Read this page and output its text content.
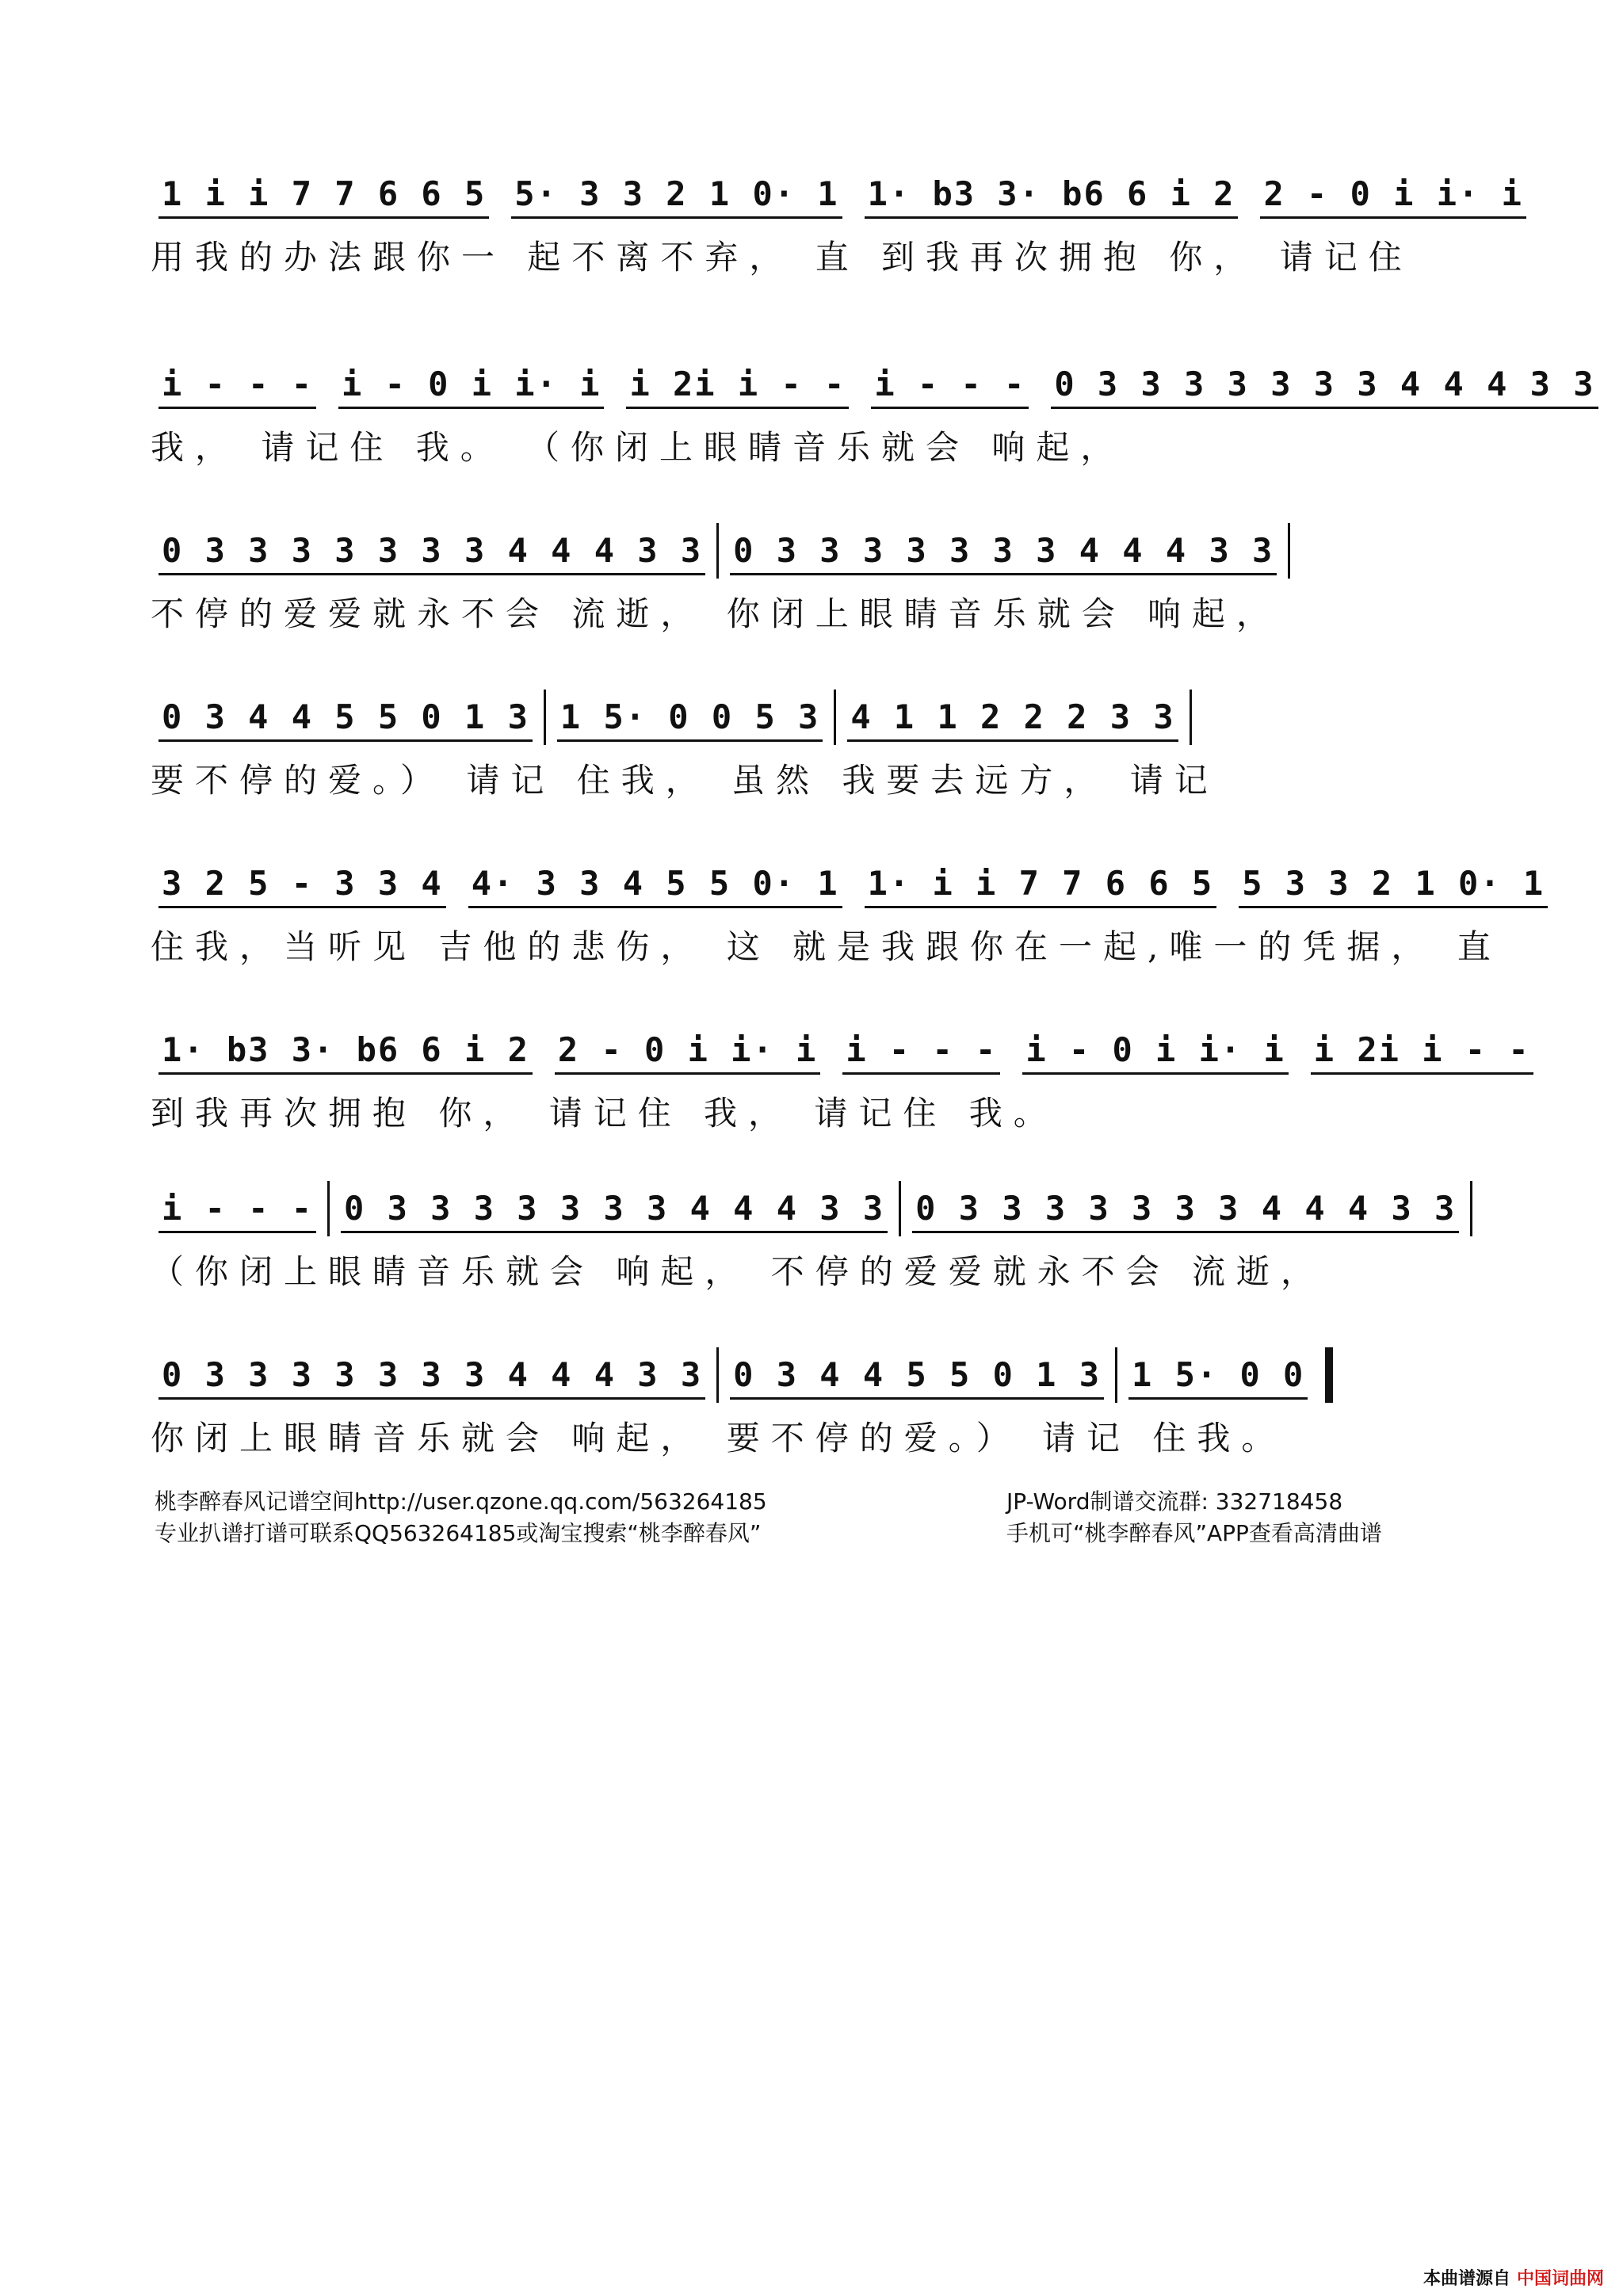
1 i i 7 7 6 6 5 5· 3 3 2 1 0· 1 1· b3 3· b6 6 i 2 2 - 0 i i· i
用我的办法跟你一 起不离不弃， 直 到我再次拥抱 你， 请记住
i - - - i - 0 i i· i i 2i i - - i - - - 0 3 3 3 3 3 3 3 4 4 4 3 3
我， 请记住 我。 （你闭上眼睛音乐就会 响起，
0 3 3 3 3 3 3 3 4 4 4 3 3 0 3 3 3 3 3 3 3 4 4 4 3 3
不停的爱爱就永不会 流逝， 你闭上眼睛音乐就会 响起，
0 3 4 4 5 5 0 1 3 1 5· 0 0 5 3 4 1 1 2 2 2 3 3
要不停的爱。） 请记 住我， 虽然 我要去远方， 请记
3 2 5 - 3 3 4 4· 3 3 4 5 5 0· 1 1· i i 7 7 6 6 5 5 3 3 2 1 0· 1
住我，当听见 吉他的悲伤， 这 就是我跟你在一起,唯一的凭据， 直
1· b3 3· b6 6 i 2 2 - 0 i i· i i - - - i - 0 i i· i i 2i i - -
到我再次拥抱 你， 请记住 我， 请记住 我。
i - - - 0 3 3 3 3 3 3 3 4 4 4 3 3 0 3 3 3 3 3 3 3 4 4 4 3 3
（你闭上眼睛音乐就会 响起， 不停的爱爱就永不会 流逝，
0 3 3 3 3 3 3 3 4 4 4 3 3 0 3 4 4 5 5 0 1 3 1 5· 0 0
你闭上眼睛音乐就会 响起， 要不停的爱。） 请记 住我。
桃李醉春风记谱空间http://user.qzone.qq.com/563264185
专业扒谱打谱可联系QQ563264185或淘宝搜索“桃李醉春风”
JP-Word制谱交流群: 332718458
手机可“桃李醉春风”APP查看高清曲谱
本曲谱源自 中国词曲网
